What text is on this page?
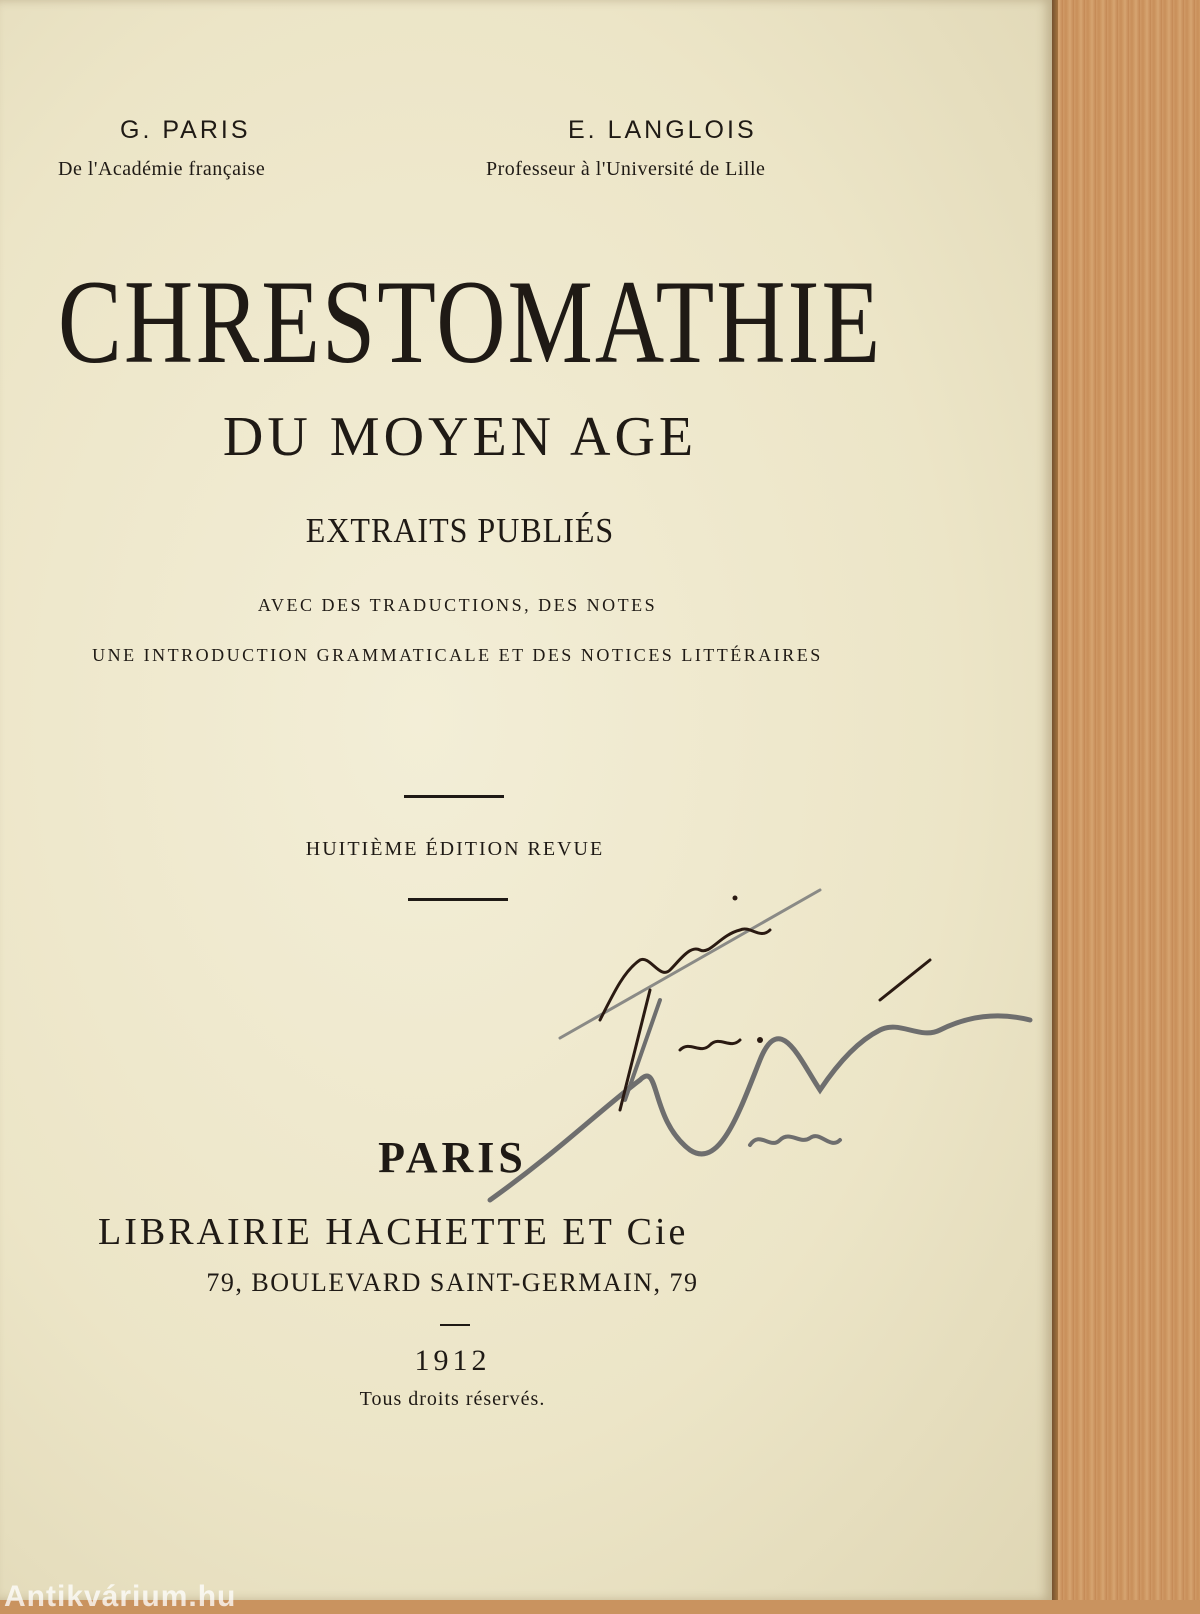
G. PARIS
De l'Académie française
E. LANGLOIS
Professeur à l'Université de Lille
CHRESTOMATHIE
DU MOYEN AGE
EXTRAITS PUBLIÉS
AVEC DES TRADUCTIONS, DES NOTES
UNE INTRODUCTION GRAMMATICALE ET DES NOTICES LITTÉRAIRES
HUITIÈME ÉDITION REVUE
PARIS
LIBRAIRIE HACHETTE ET Cie
79, BOULEVARD SAINT-GERMAIN, 79
1912
Tous droits réservés.
Antikvárium.hu
